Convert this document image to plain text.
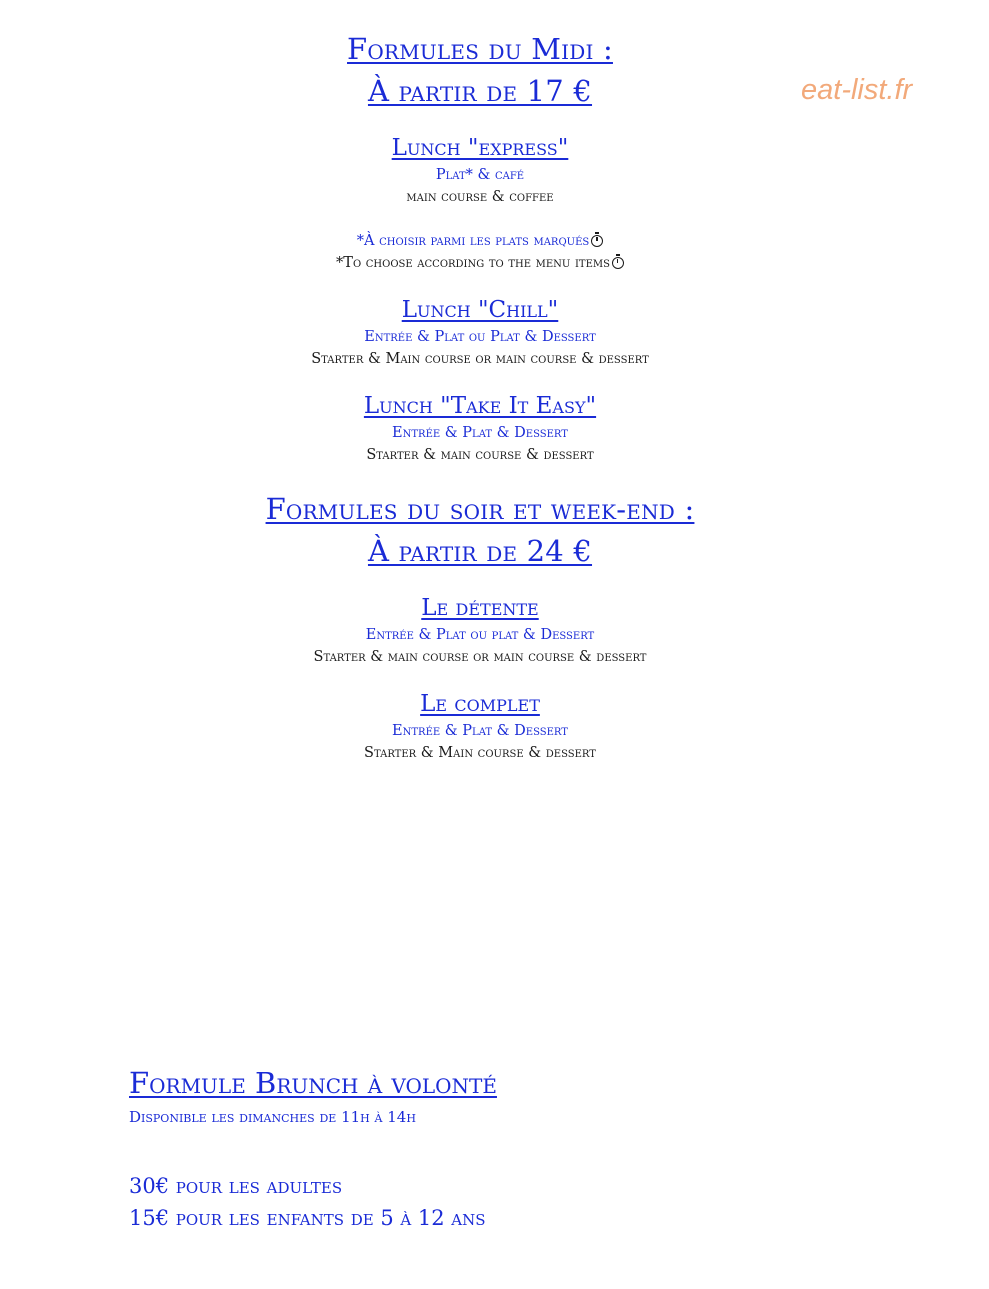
eat-list.fr
Formules du Midi :
À partir de 17 €
Lunch "express"
Plat* & café
main course & coffee
*À choisir parmi les plats marqués
*To choose according to the menu items
Lunch "Chill"
Entrée & Plat ou Plat & Dessert
Starter & Main course or main course & dessert
Lunch "Take It Easy"
Entrée & Plat & Dessert
Starter & main course & dessert
Formules du soir et week-end :
À partir de 24 €
Le détente
Entrée & Plat ou plat & Dessert
Starter & main course or main course & dessert
Le complet
Entrée & Plat & Dessert
Starter & Main course & dessert
Formule Brunch à volonté
Disponible les dimanches de 11h à 14h
30€ pour les adultes
15€ pour les enfants de 5 à 12 ans
